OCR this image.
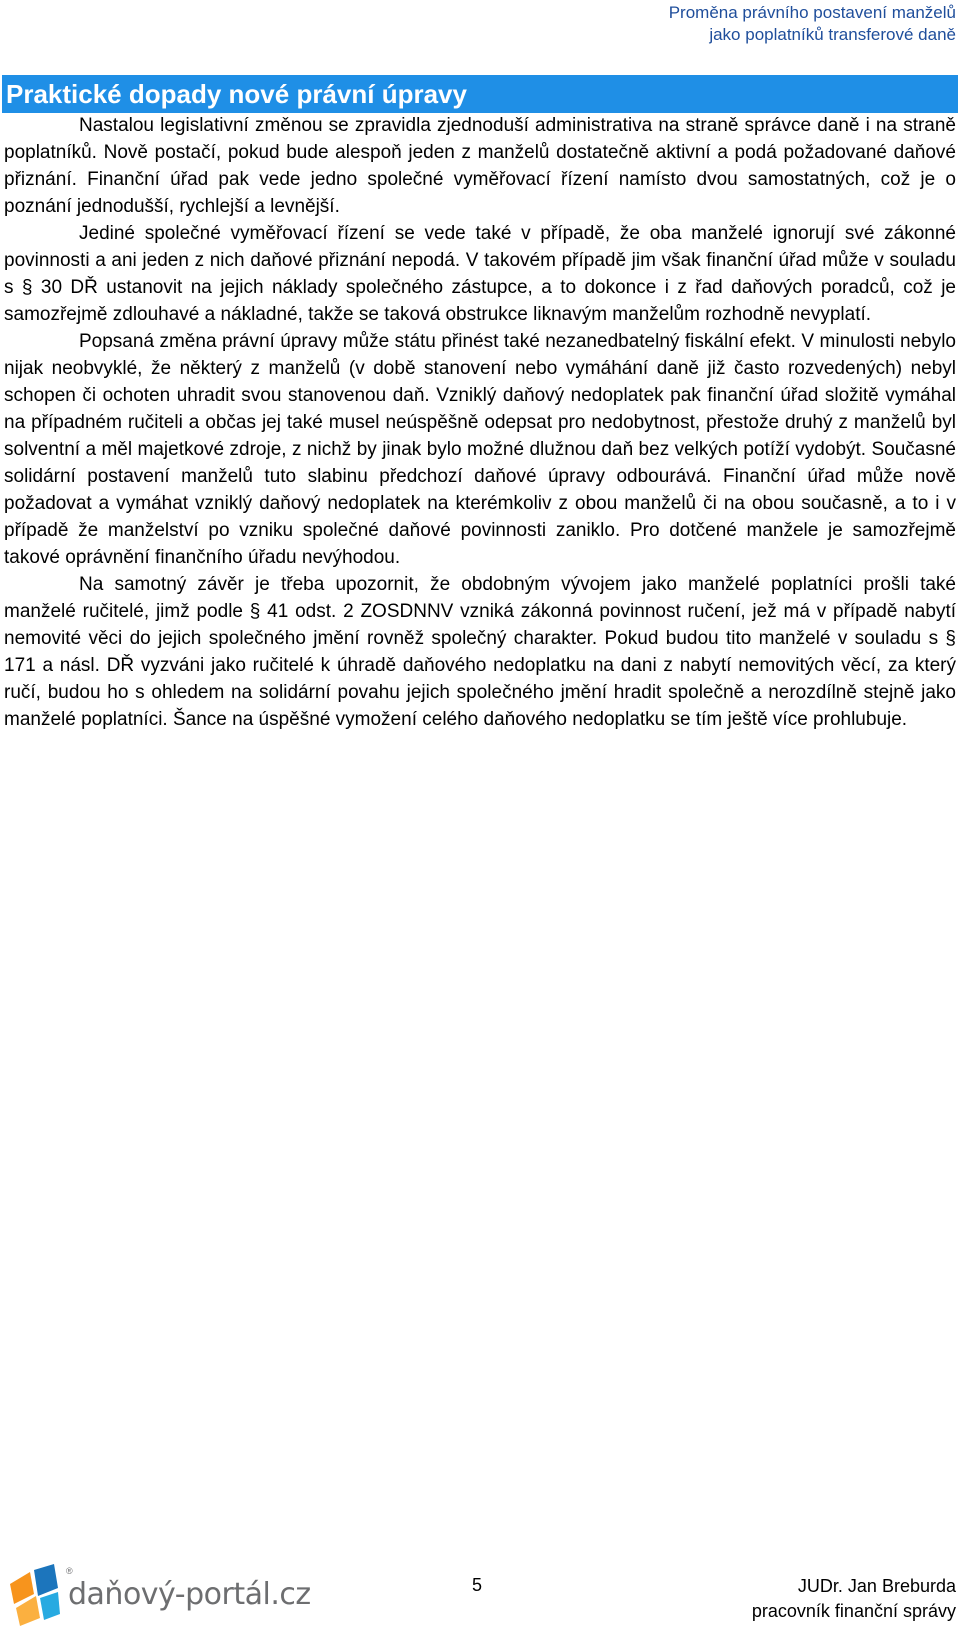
Proměna právního postavení manželů
jako poplatníků transferové daně
Praktické dopady nové právní úpravy

Nastalou legislativní změnou se zpravidla zjednoduší administrativa na straně správce daně i na straně poplatníků. Nově postačí, pokud bude alespoň jeden z manželů dostatečně aktivní a podá požadované daňové přiznání. Finanční úřad pak vede jedno společné vyměřovací řízení namísto dvou samostatných, což je o poznání jednodušší, rychlejší a levnější.

Jediné společné vyměřovací řízení se vede také v případě, že oba manželé ignorují své zákonné povinnosti a ani jeden z nich daňové přiznání nepodá. V takovém případě jim však finanční úřad může v souladu s § 30 DŘ ustanovit na jejich náklady společného zástupce, a to dokonce i z řad daňových poradců, což je samozřejmě zdlouhavé a nákladné, takže se taková obstrukce liknavým manželům rozhodně nevyplatí.

Popsaná změna právní úpravy může státu přinést také nezanedbatelný fiskální efekt. V minulosti nebylo nijak neobvyklé, že některý z manželů (v době stanovení nebo vymáhání daně již často rozvedených) nebyl schopen či ochoten uhradit svou stanovenou daň. Vzniklý daňový nedoplatek pak finanční úřad složitě vymáhal na případném ručiteli a občas jej také musel neúspěšně odepsat pro nedobytnost, přestože druhý z manželů byl solventní a měl majetkové zdroje, z nichž by jinak bylo možné dlužnou daň bez velkých potíží vydobýt. Současné solidární postavení manželů tuto slabinu předchozí daňové úpravy odbourává. Finanční úřad může nově požadovat a vymáhat vzniklý daňový nedoplatek na kterémkoliv z obou manželů či na obou současně, a to i v případě že manželství po vzniku společné daňové povinnosti zaniklo. Pro dotčené manžele je samozřejmě takové oprávnění finančního úřadu nevýhodou.

Na samotný závěr je třeba upozornit, že obdobným vývojem jako manželé poplatníci prošli také manželé ručitelé, jimž podle § 41 odst. 2 ZOSDNNV vzniká zákonná povinnost ručení, jež má v případě nabytí nemovité věci do jejich společného jmění rovněž společný charakter. Pokud budou tito manželé v souladu s § 171 a násl. DŘ vyzváni jako ručitelé k úhradě daňového nedoplatku na dani z nabytí nemovitých věcí, za který ručí, budou ho s ohledem na solidární povahu jejich společného jmění hradit společně a nerozdílně stejně jako manželé poplatníci. Šance na úspěšné vymožení celého daňového nedoplatku se tím ještě více prohlubuje.

daňový-portál.cz
®
5	JUDr. Jan Breburda
pracovník finanční správy
